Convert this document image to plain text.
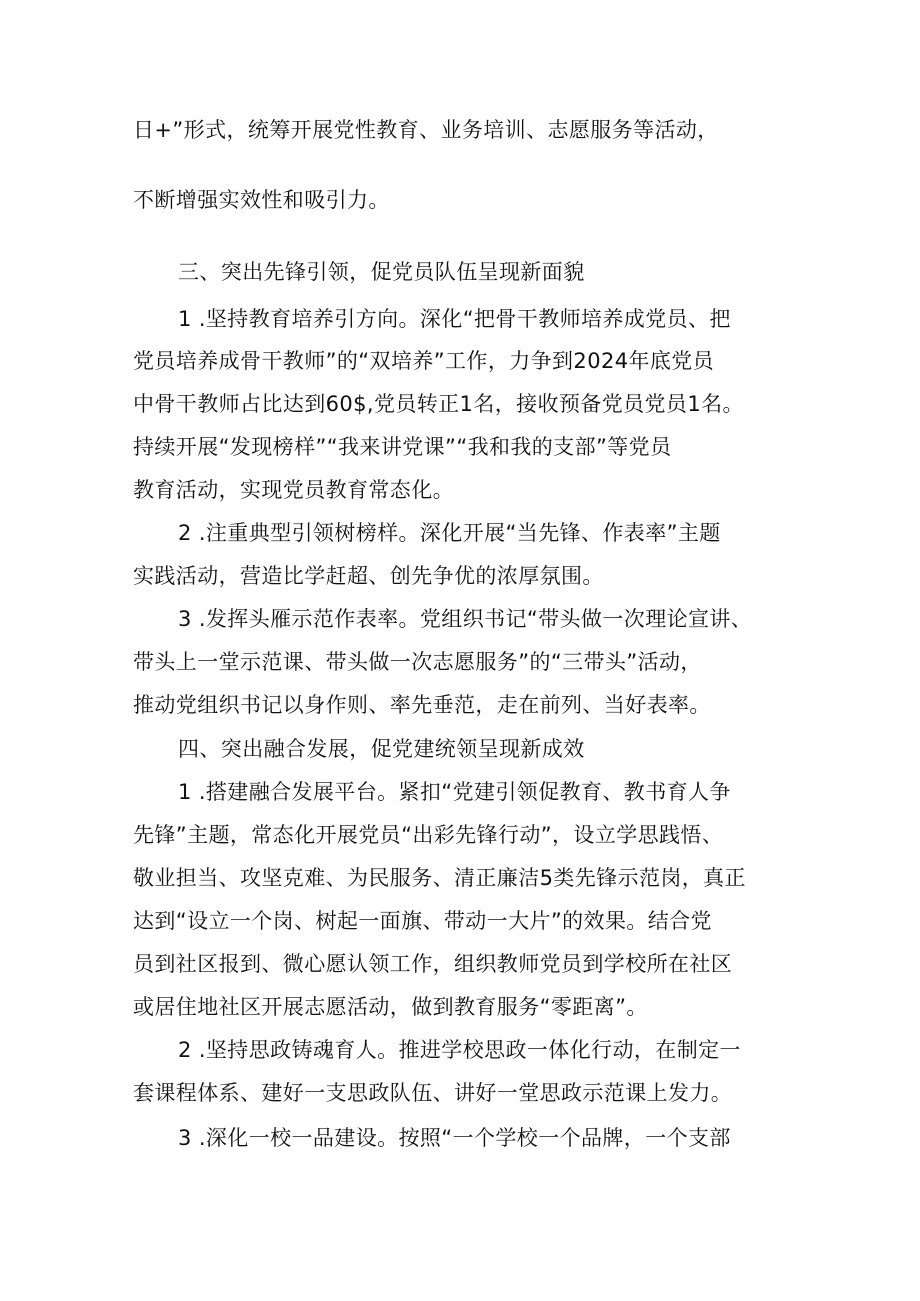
日+”形式，统筹开展党性教育、业务培训、志愿服务等活动，
不断增强实效性和吸引力。
三、突出先锋引领，促党员队伍呈现新面貌
1 .坚持教育培养引方向。深化“把骨干教师培养成党员、把
党员培养成骨干教师”的“双培养”工作，力争到2024年底党员
中骨干教师占比达到60$,党员转正1名，接收预备党员党员1名。
持续开展“发现榜样”“我来讲党课”“我和我的支部”等党员
教育活动，实现党员教育常态化。
2 .注重典型引领树榜样。深化开展“当先锋、作表率”主题
实践活动，营造比学赶超、创先争优的浓厚氛围。
3 .发挥头雁示范作表率。党组织书记“带头做一次理论宣讲、
带头上一堂示范课、带头做一次志愿服务”的“三带头”活动，
推动党组织书记以身作则、率先垂范，走在前列、当好表率。
四、突出融合发展，促党建统领呈现新成效
1 .搭建融合发展平台。紧扣“党建引领促教育、教书育人争
先锋”主题，常态化开展党员“出彩先锋行动”，设立学思践悟、
敬业担当、攻坚克难、为民服务、清正廉洁5类先锋示范岗，真正
达到“设立一个岗、树起一面旗、带动一大片”的效果。结合党
员到社区报到、微心愿认领工作，组织教师党员到学校所在社区
或居住地社区开展志愿活动，做到教育服务“零距离”。
2 .坚持思政铸魂育人。推进学校思政一体化行动，在制定一
套课程体系、建好一支思政队伍、讲好一堂思政示范课上发力。
3 .深化一校一品建设。按照“一个学校一个品牌，一个支部
